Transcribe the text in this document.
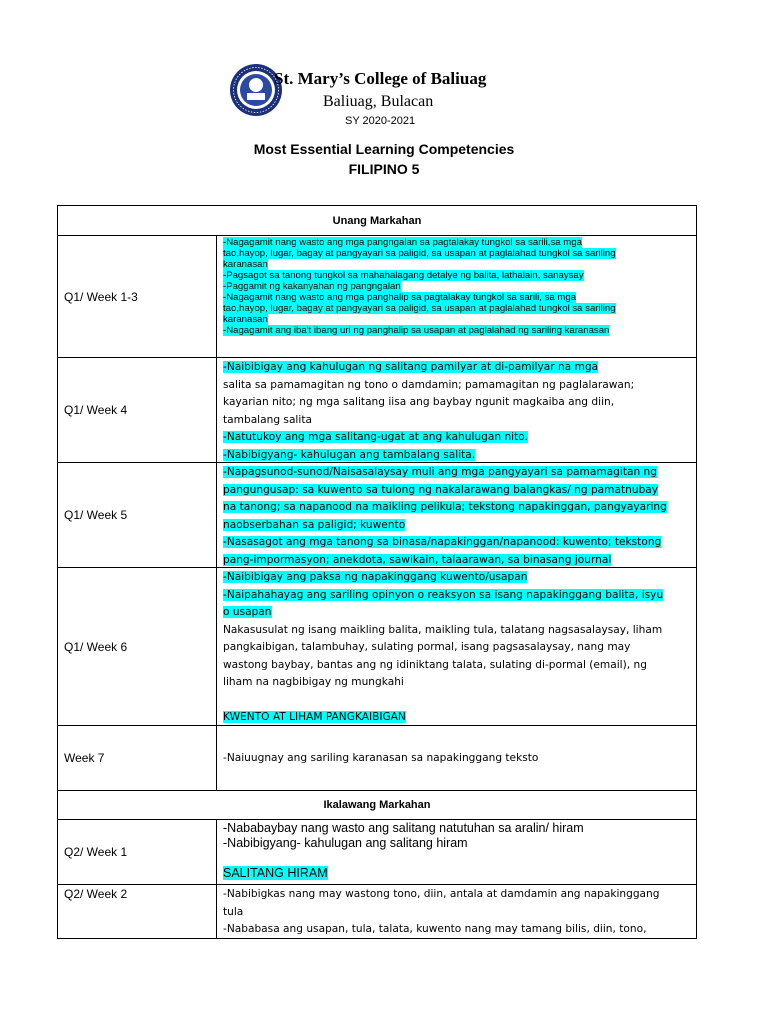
St. Mary’s College of Baliuag
Baliuag, Bulacan
SY 2020-2021
Most Essential Learning Competencies
FILIPINO 5
Unang Markahan
Q1/ Week 1-3
-Nagagamit nang wasto ang mga pangngalan sa pagtalakay tungkol sa sarili,sa mga
tao,hayop, lugar, bagay at pangyayari sa paligid, sa usapan at paglalahad tungkol sa sariling
karanasan
-Pagsagot sa tanong tungkol sa mahahalagang detalye ng balita, lathalain, sanaysay
-Paggamit ng kakanyahan ng pangngalan
-Nagagamit nang wasto ang mga panghalip sa pagtalakay tungkol sa sarili, sa mga
tao,hayop, lugar, bagay at pangyayari sa paligid, sa usapan at paglalahad tungkol sa sariling
karanasan
-Nagagamit ang iba't ibang uri ng panghalip sa usapan at paglalahad ng sariling karanasan
Q1/ Week 4
-Naibibigay ang kahulugan ng salitang pamilyar at di-pamilyar na mga
salita sa pamamagitan ng tono o damdamin; pamamagitan ng paglalarawan;
kayarian nito; ng mga salitang iisa ang baybay ngunit magkaiba ang diin,
tambalang salita
-Natutukoy ang mga salitang-ugat at ang kahulugan nito.
-Nabibigyang- kahulugan ang tambalang salita.
Q1/ Week 5
-Napagsunod-sunod/Naisasalaysay muli ang mga pangyayari sa pamamagitan ng
pangungusap: sa kuwento sa tulong ng nakalarawang balangkas/ ng pamatnubay
na tanong; sa napanood na maikling pelikula; tekstong napakinggan, pangyayaring
naobserbahan sa paligid; kuwento
-Nasasagot ang mga tanong sa binasa/napakinggan/napanood: kuwento; tekstong
pang-impormasyon; anekdota, sawikain, talaarawan, sa binasang journal
Q1/ Week 6
-Naibibigay ang paksa ng napakinggang kuwento/usapan
-Naipahahayag ang sariling opinyon o reaksyon sa isang napakinggang balita, isyu
o usapan
Nakasusulat ng isang maikling balita, maikling tula, talatang nagsasalaysay, liham
pangkaibigan, talambuhay, sulating pormal, isang pagsasalaysay, nang may
wastong baybay, bantas ang ng idiniktang talata, sulating di-pormal (email), ng
liham na nagbibigay ng mungkahi
KWENTO AT LIHAM PANGKAIBIGAN
Week 7	-Naiuugnay ang sariling karanasan sa napakinggang teksto
Ikalawang Markahan
Q2/ Week 1
-Nababaybay nang wasto ang salitang natutuhan sa aralin/ hiram
-Nabibigyang- kahulugan ang salitang hiram
SALITANG HIRAM
Q2/ Week 2	-Nabibigkas nang may wastong tono, diin, antala at damdamin ang napakinggang
tula
-Nababasa ang usapan, tula, talata, kuwento nang may tamang bilis, diin, tono,
